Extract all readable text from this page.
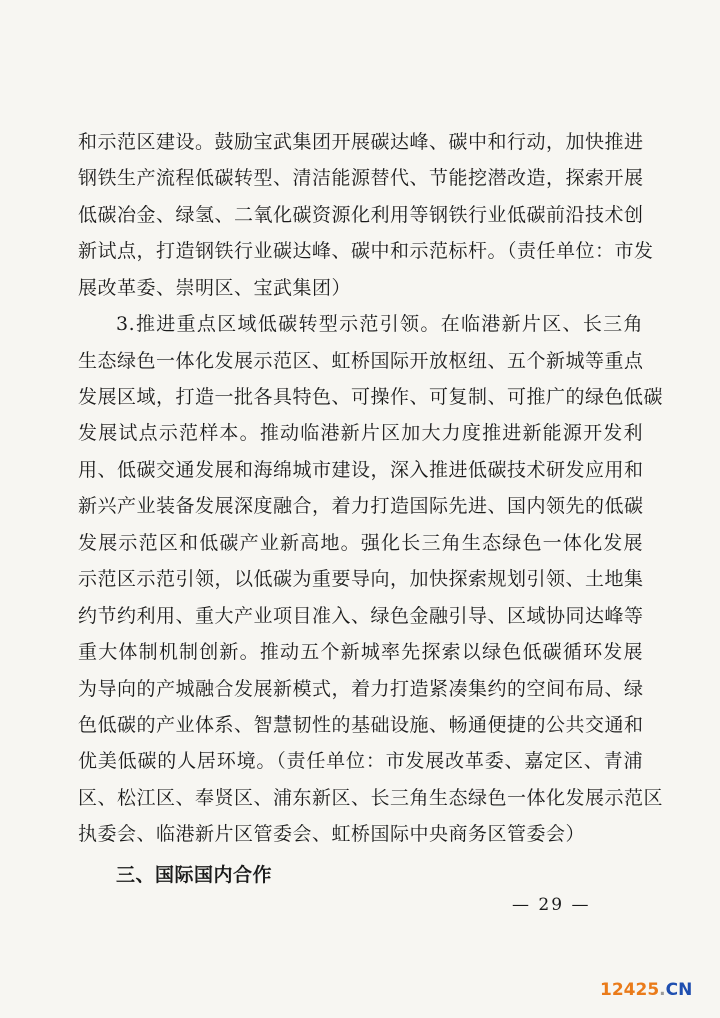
和示范区建设。鼓励宝武集团开展碳达峰、碳中和行动，加快推进
钢铁生产流程低碳转型、清洁能源替代、节能挖潜改造，探索开展
低碳冶金、绿氢、二氧化碳资源化利用等钢铁行业低碳前沿技术创
新试点，打造钢铁行业碳达峰、碳中和示范标杆。（责任单位：市发
展改革委、崇明区、宝武集团）
3.推进重点区域低碳转型示范引领。在临港新片区、长三角
生态绿色一体化发展示范区、虹桥国际开放枢纽、五个新城等重点
发展区域，打造一批各具特色、可操作、可复制、可推广的绿色低碳
发展试点示范样本。推动临港新片区加大力度推进新能源开发利
用、低碳交通发展和海绵城市建设，深入推进低碳技术研发应用和
新兴产业装备发展深度融合，着力打造国际先进、国内领先的低碳
发展示范区和低碳产业新高地。强化长三角生态绿色一体化发展
示范区示范引领，以低碳为重要导向，加快探索规划引领、土地集
约节约利用、重大产业项目准入、绿色金融引导、区域协同达峰等
重大体制机制创新。推动五个新城率先探索以绿色低碳循环发展
为导向的产城融合发展新模式，着力打造紧凑集约的空间布局、绿
色低碳的产业体系、智慧韧性的基础设施、畅通便捷的公共交通和
优美低碳的人居环境。（责任单位：市发展改革委、嘉定区、青浦
区、松江区、奉贤区、浦东新区、长三角生态绿色一体化发展示范区
执委会、临港新片区管委会、虹桥国际中央商务区管委会）
三、国际国内合作
— 29 —
12425.CN
